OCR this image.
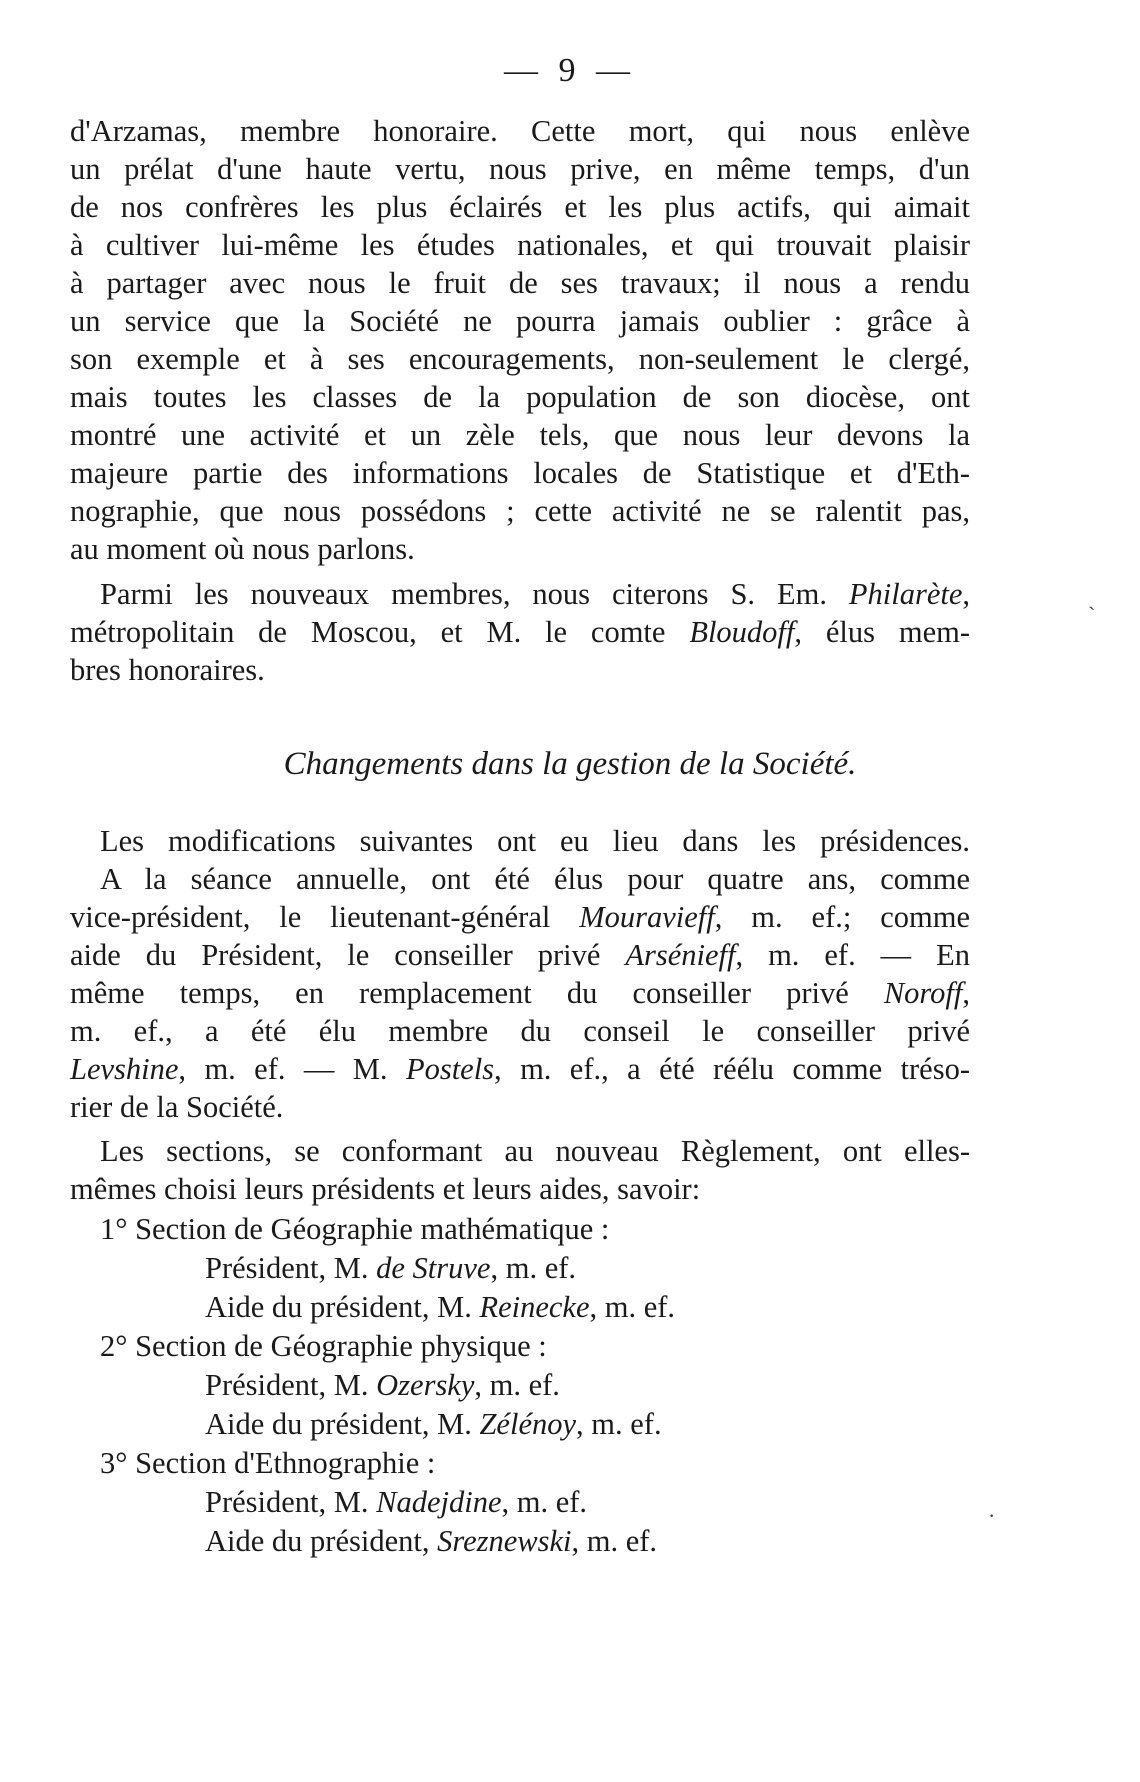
— 9 —
d'Arzamas, membre honoraire. Cette mort, qui nous enlève
un prélat d'une haute vertu, nous prive, en même temps, d'un
de nos confrères les plus éclairés et les plus actifs, qui aimait
à cultiver lui-même les études nationales, et qui trouvait plaisir
à partager avec nous le fruit de ses travaux; il nous a rendu
un service que la Société ne pourra jamais oublier : grâce à
son exemple et à ses encouragements, non-seulement le clergé,
mais toutes les classes de la population de son diocèse, ont
montré une activité et un zèle tels, que nous leur devons la
majeure partie des informations locales de Statistique et d'Eth-
nographie, que nous possédons ; cette activité ne se ralentit pas,
au moment où nous parlons.
Parmi les nouveaux membres, nous citerons S. Em. Philarète,
métropolitain de Moscou, et M. le comte Bloudoff, élus mem-
bres honoraires.
Changements dans la gestion de la Société.
Les modifications suivantes ont eu lieu dans les présidences.
A la séance annuelle, ont été élus pour quatre ans, comme
vice-président, le lieutenant-général Mouravieff, m. ef.; comme
aide du Président, le conseiller privé Arsénieff, m. ef. — En
même temps, en remplacement du conseiller privé Noroff,
m. ef., a été élu membre du conseil le conseiller privé
Levshine, m. ef. — M. Postels, m. ef., a été réélu comme tréso-
rier de la Société.
Les sections, se conformant au nouveau Règlement, ont elles-
mêmes choisi leurs présidents et leurs aides, savoir:
1° Section de Géographie mathématique :
Président, M. de Struve, m. ef.
Aide du président, M. Reinecke, m. ef.
2° Section de Géographie physique :
Président, M. Ozersky, m. ef.
Aide du président, M. Zélénoy, m. ef.
3° Section d'Ethnographie :
Président, M. Nadejdine, m. ef.
Aide du président, Sreznewski, m. ef.
ˏ
·
